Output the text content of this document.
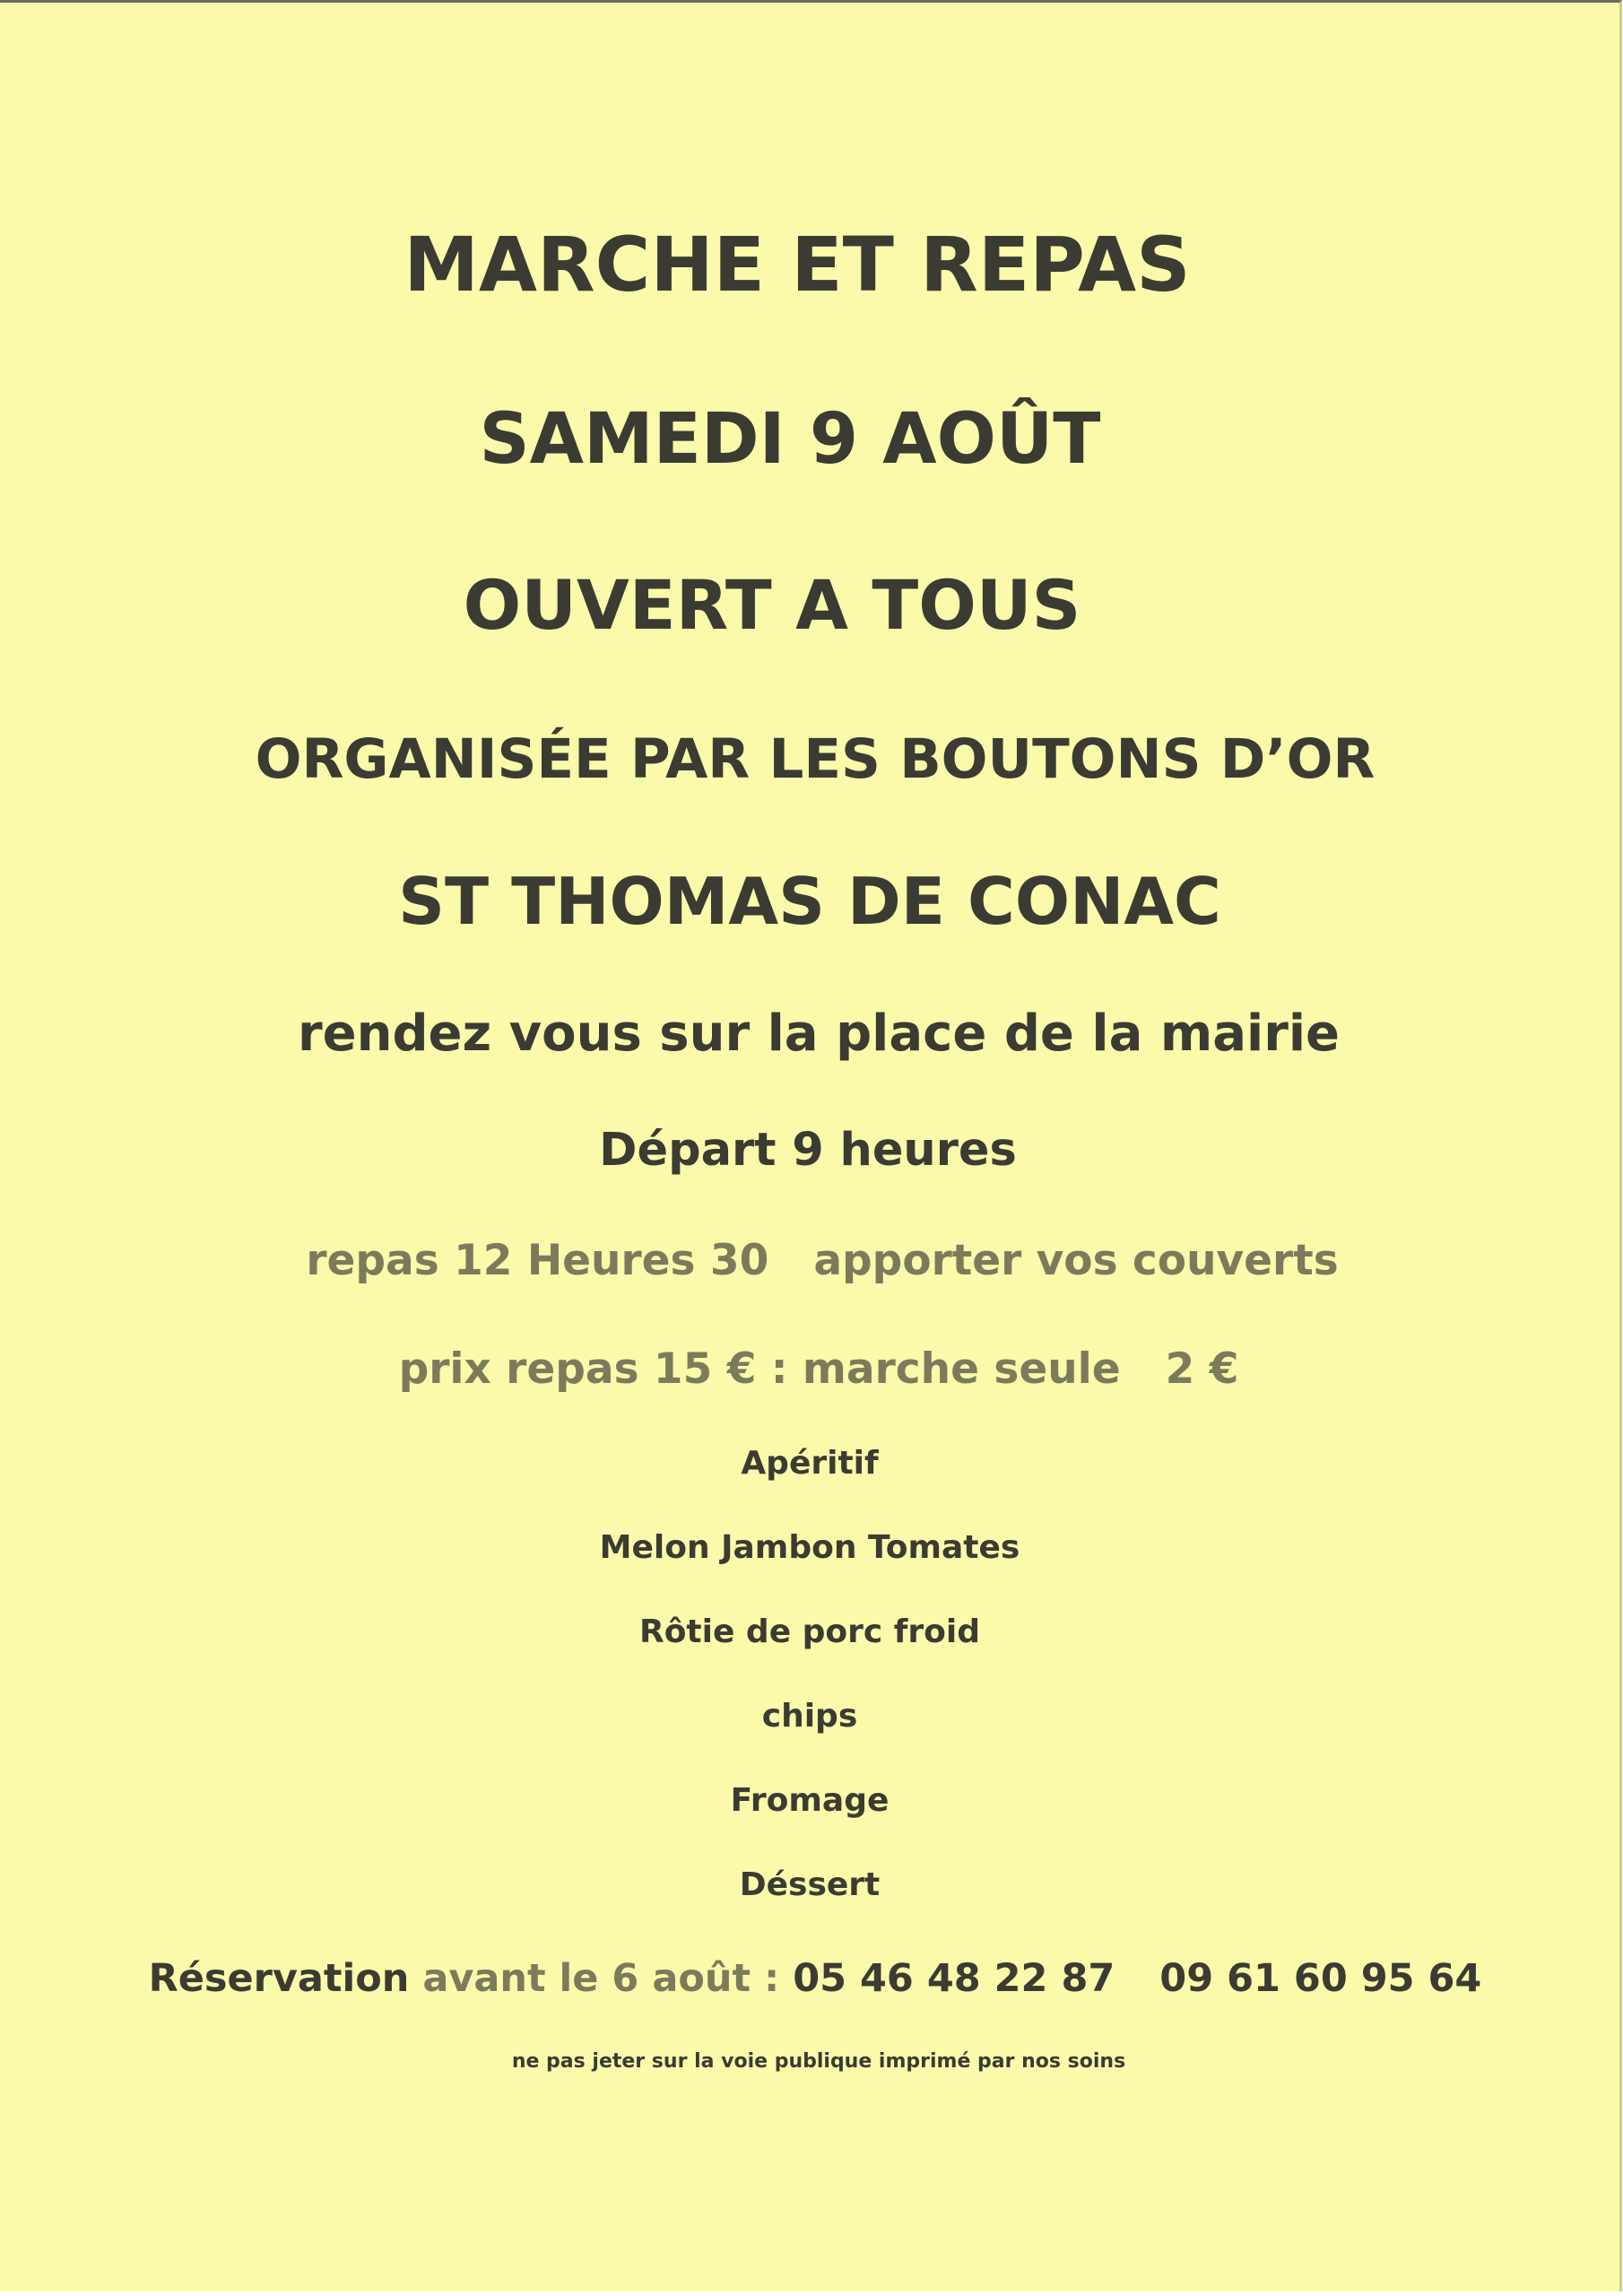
MARCHE ET REPAS
SAMEDI 9 AOÛT
OUVERT A TOUS
ORGANISÉE PAR LES BOUTONS D’OR
ST THOMAS DE CONAC
rendez vous sur la place de la mairie
Départ 9 heures
repas 12 Heures 30 apporter vos couverts
prix repas 15 € : marche seule 2 €
Apéritif
Melon Jambon Tomates
Rôtie de porc froid
chips
Fromage
Déssert
Réservation avant le 6 août : 05 46 48 22 87 09 61 60 95 64
ne pas jeter sur la voie publique imprimé par nos soins
